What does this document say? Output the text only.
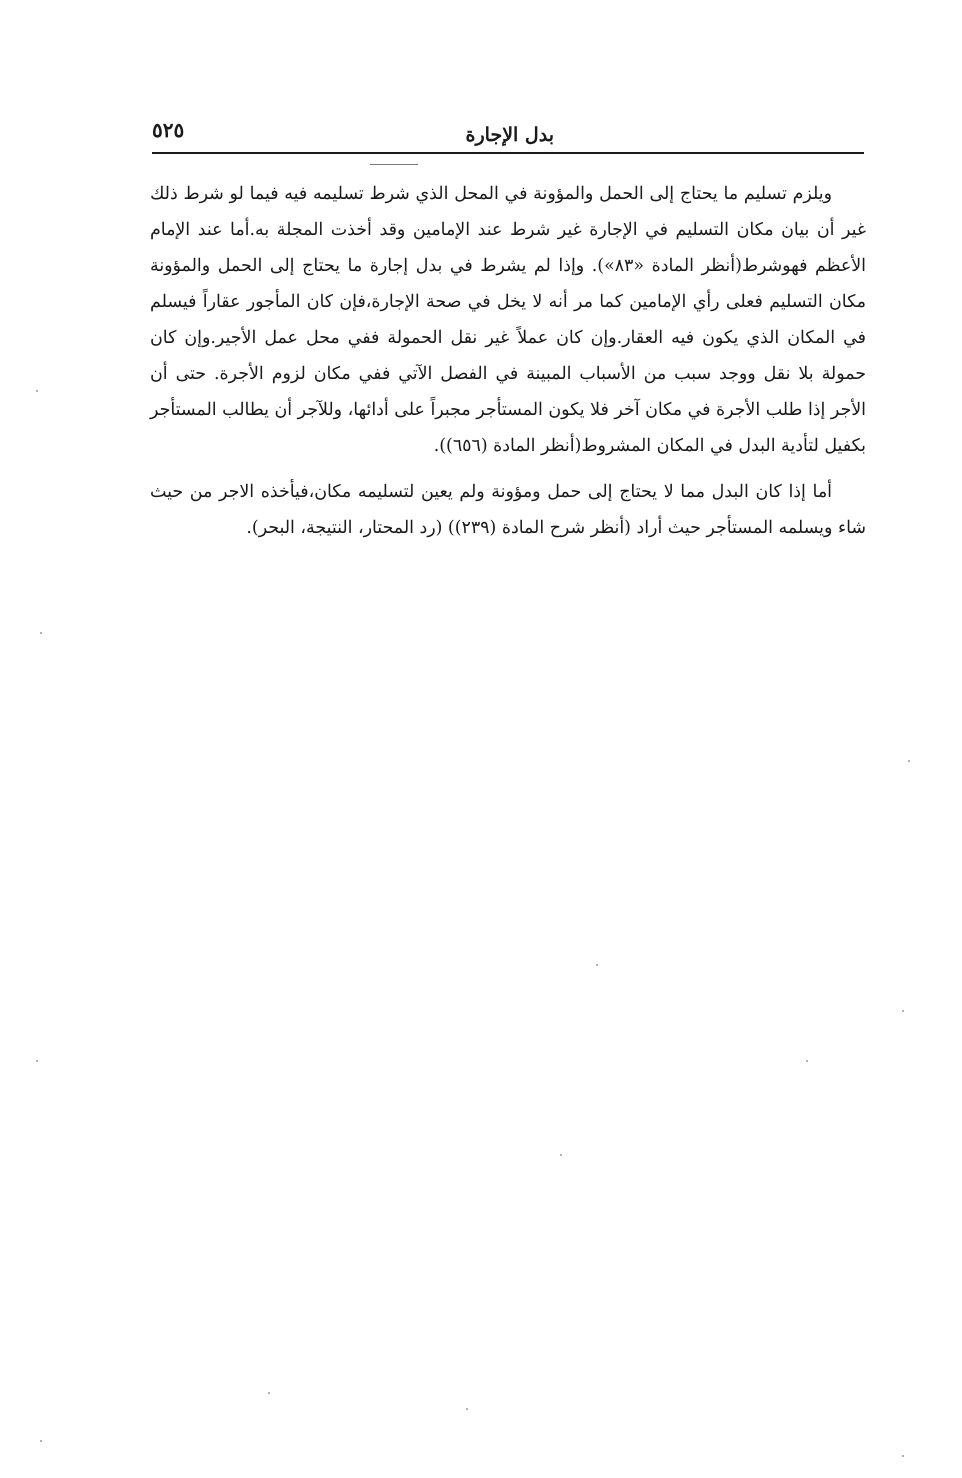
بدل الإجارة
٥٢٥

ويلزم تسليم ما يحتاج إلى الحمل والمؤونة في المحل الذي شرط تسليمه فيه فيما لو شرط ذلك غير أن بيان مكان التسليم في الإجارة غير شرط عند الإمامين وقد أخذت المجلة به.أما عند الإمام الأعظم فهوشرط(أنظر المادة «٨٣»). وإذا لم يشرط في بدل إجارة ما يحتاج إلى الحمل والمؤونة مكان التسليم فعلى رأي الإمامين كما مر أنه لا يخل في صحة الإجارة،فإن كان المأجور عقاراً فيسلم في المكان الذي يكون فيه العقار.وإن كان عملاً غير نقل الحمولة ففي محل عمل الأجير.وإن كان حمولة بلا نقل ووجد سبب من الأسباب المبينة في الفصل الآتي ففي مكان لزوم الأجرة. حتى أن الأجر إذا طلب الأجرة في مكان آخر فلا يكون المستأجر مجبراً على أدائها، وللآجر أن يطالب المستأجر بكفيل لتأدية البدل في المكان المشروط(أنظر المادة (٦٥٦)).

أما إذا كان البدل مما لا يحتاج إلى حمل ومؤونة ولم يعين لتسليمه مكان،فيأخذه الاجر من حيث شاء ويسلمه المستأجر حيث أراد (أنظر شرح المادة (٢٣٩)) (رد المحتار، النتيجة، البحر).
